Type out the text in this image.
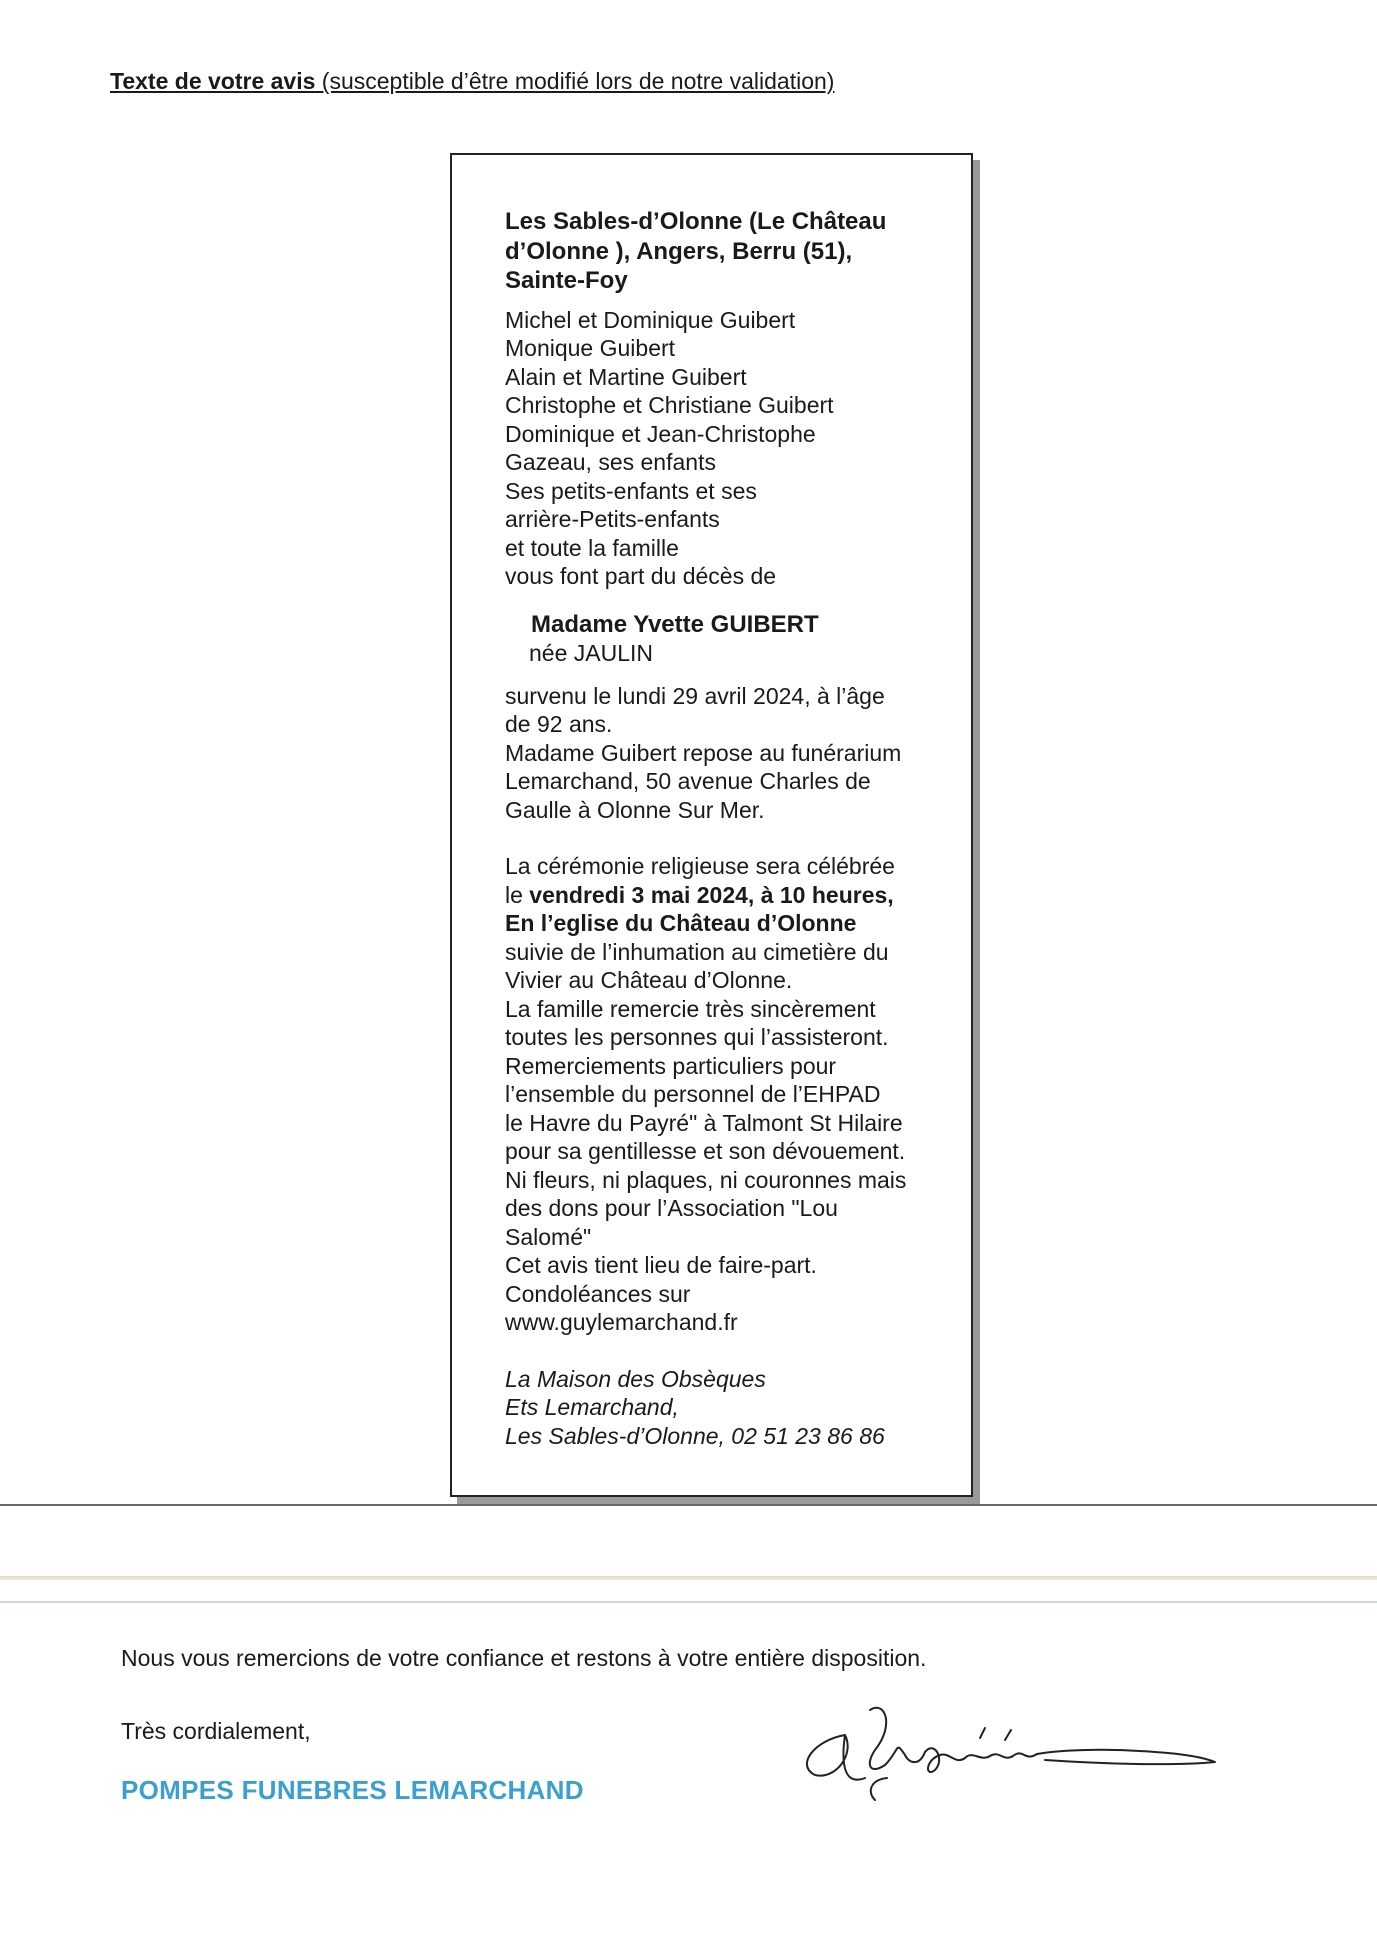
Texte de votre avis (susceptible d’être modifié lors de notre validation)
Les Sables-d’Olonne (Le Château
d’Olonne ), Angers, Berru (51),
Sainte-Foy
Michel et Dominique Guibert
Monique Guibert
Alain et Martine Guibert
Christophe et Christiane Guibert
Dominique et Jean-Christophe
Gazeau, ses enfants
Ses petits-enfants et ses
arrière-Petits-enfants
et toute la famille
vous font part du décès de
Madame Yvette GUIBERT
née JAULIN
survenu le lundi 29 avril 2024, à l’âge
de 92 ans.
Madame Guibert repose au funérarium
Lemarchand, 50 avenue Charles de
Gaulle à Olonne Sur Mer.
La cérémonie religieuse sera célébrée
le vendredi 3 mai 2024, à 10 heures,
En l’eglise du Château d’Olonne
suivie de l’inhumation au cimetière du
Vivier au Château d’Olonne.
La famille remercie très sincèrement
toutes les personnes qui l’assisteront.
Remerciements particuliers pour
l’ensemble du personnel de l’EHPAD
le Havre du Payré" à Talmont St Hilaire
pour sa gentillesse et son dévouement.
Ni fleurs, ni plaques, ni couronnes mais
des dons pour l’Association "Lou
Salomé"
Cet avis tient lieu de faire-part.
Condoléances sur
www.guylemarchand.fr
La Maison des Obsèques
Ets Lemarchand,
Les Sables-d’Olonne, 02 51 23 86 86
Nous vous remercions de votre confiance et restons à votre entière disposition.
Très cordialement,
POMPES FUNEBRES LEMARCHAND
